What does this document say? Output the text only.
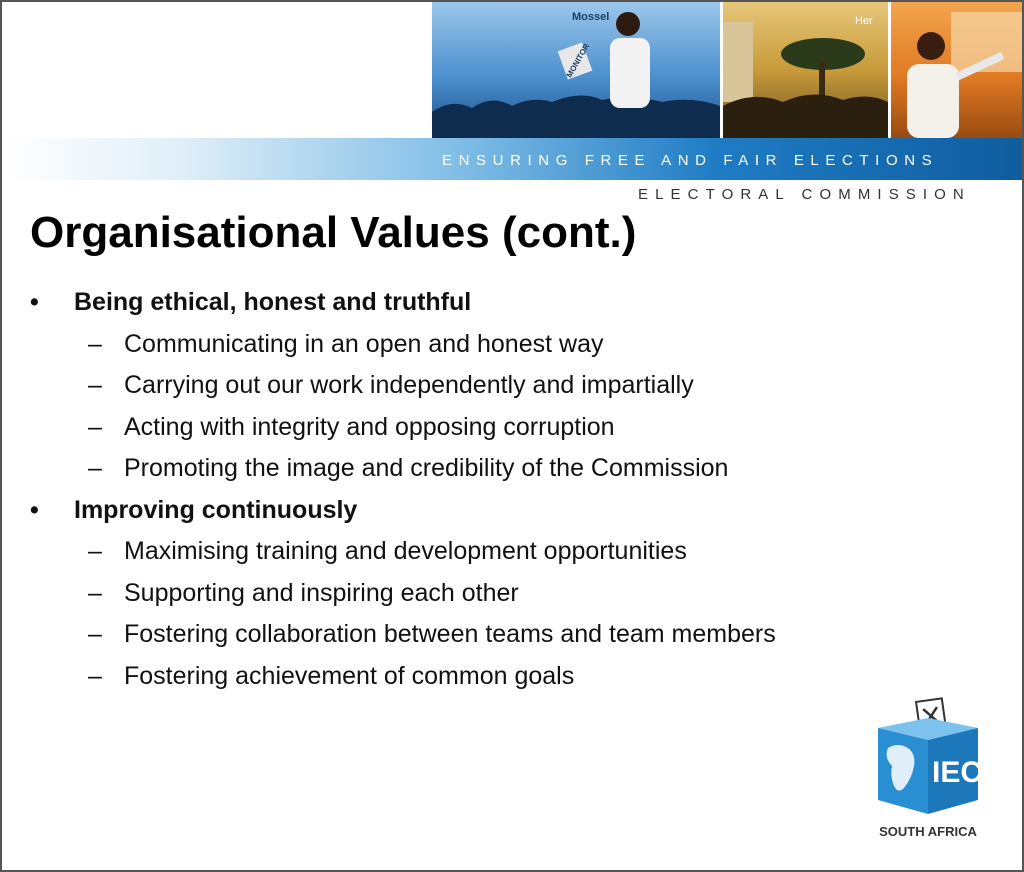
Mossel
MONITOR
Her
ENSURING FREE AND FAIR ELECTIONS
ELECTORAL COMMISSION
Organisational Values (cont.)
• Being ethical, honest and truthful
– Communicating in an open and honest way
– Carrying out our work independently and impartially
– Acting with integrity and opposing corruption
– Promoting the image and credibility of the Commission
• Improving continuously
– Maximising training and development opportunities
– Supporting and inspiring each other
– Fostering collaboration between teams and team members
– Fostering achievement of common goals
IEC
SOUTH AFRICA
